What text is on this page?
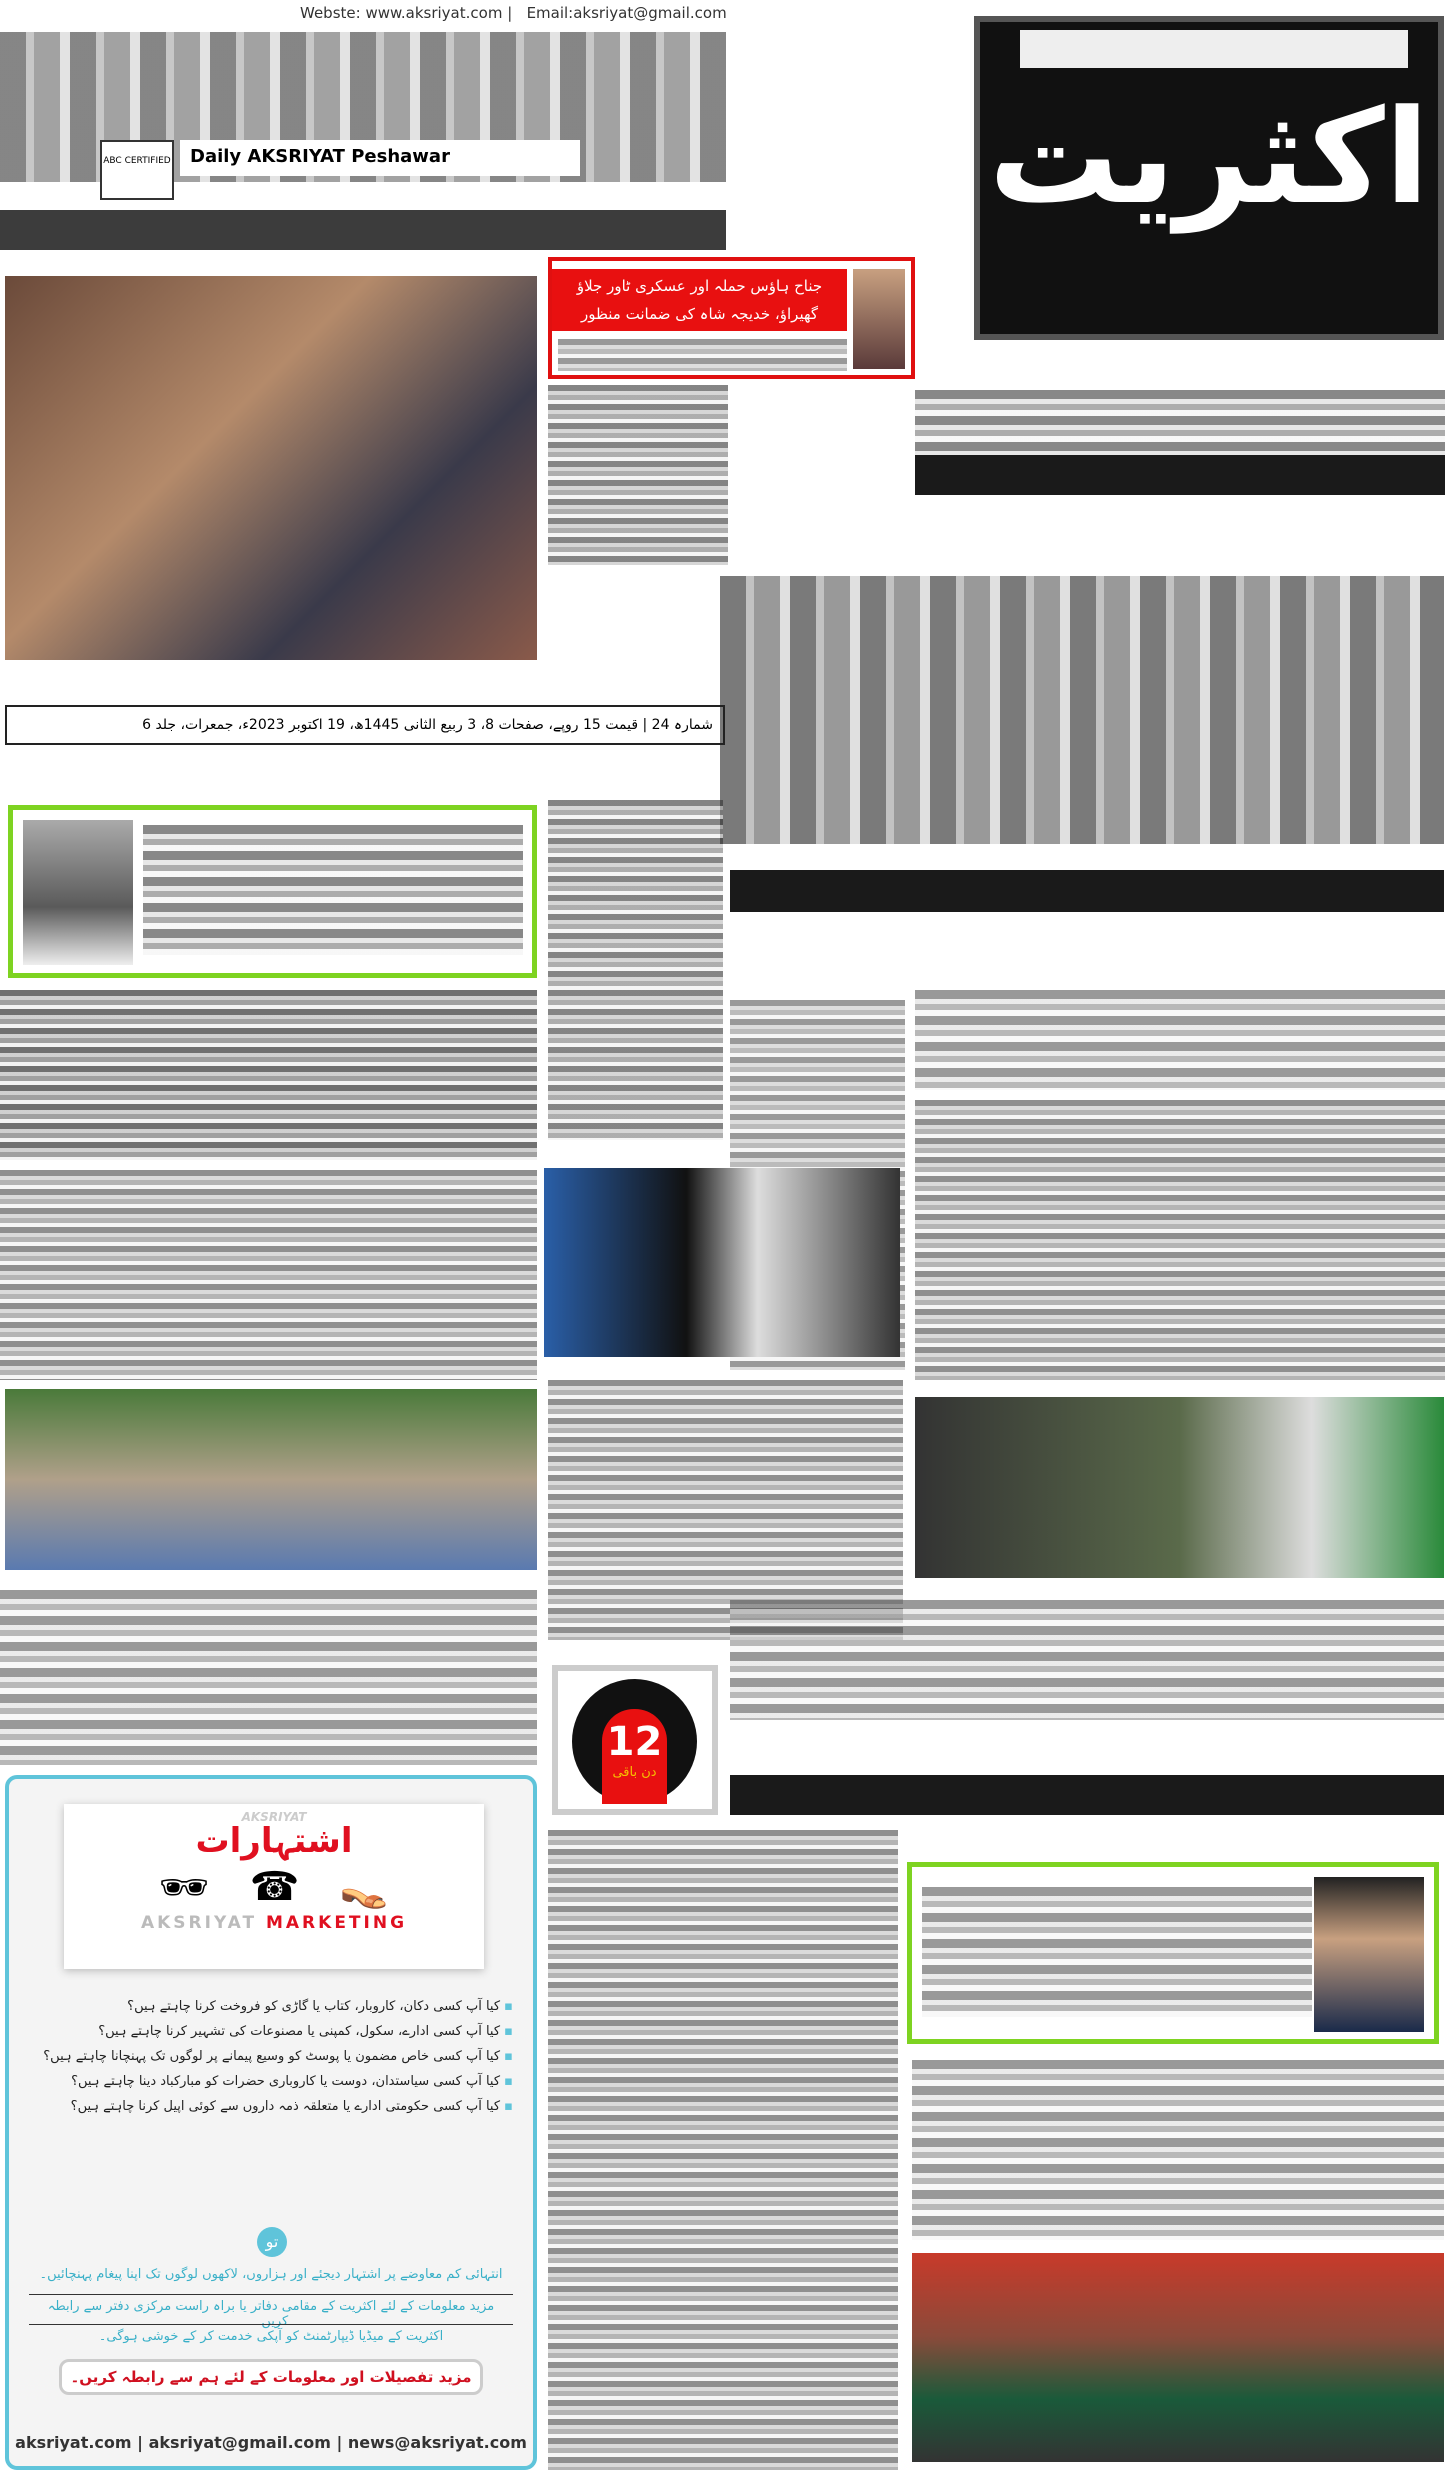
Webste: www.aksriyat.com | Email:aksriyat@gmail.com
Daily AKSRIYAT Peshawar
ABC CERTIFIED	اکثریت
جناح ہاؤس حملہ اور عسکری ٹاور جلاؤ گھیراؤ، خدیجہ شاہ کی ضمانت منظور
شمارہ 24 | قیمت 15 روپے، صفحات 8، 3 ربیع الثانی 1445ھ، 19 اکتوبر 2023ء، جمعرات، جلد 6
12
دن باقی
AKSRIYAT
اشتہارات
🕶 ☎ 👡
AKSRIYAT MARKETING
▪ کیا آپ کسی دکان، کاروبار، کتاب یا گاڑی کو فروخت کرنا چاہتے ہیں؟
▪ کیا آپ کسی ادارے، سکول، کمپنی یا مصنوعات کی تشہیر کرنا چاہتے ہیں؟
▪ کیا آپ کسی خاص مضمون یا پوسٹ کو وسیع پیمانے پر لوگوں تک پہنچانا چاہتے ہیں؟
▪ کیا آپ کسی سیاستدان، دوست یا کاروباری حضرات کو مبارکباد دینا چاہتے ہیں؟
▪ کیا آپ کسی حکومتی ادارے یا متعلقہ ذمہ داروں سے کوئی اپیل کرنا چاہتے ہیں؟
تو
انتہائی کم معاوضے پر اشتہار دیجئے اور ہزاروں، لاکھوں لوگوں تک اپنا پیغام پہنچائیں۔
مزید معلومات کے لئے اکثریت کے مقامی دفاتر یا براہ راست مرکزی دفتر سے رابطہ کریں۔
اکثریت کے میڈیا ڈیپارٹمنٹ کو آپکی خدمت کر کے خوشی ہوگی۔
مزید تفصیلات اور معلومات کے لئے ہم سے رابطہ کریں۔
aksriyat.com | aksriyat@gmail.com | news@aksriyat.com
